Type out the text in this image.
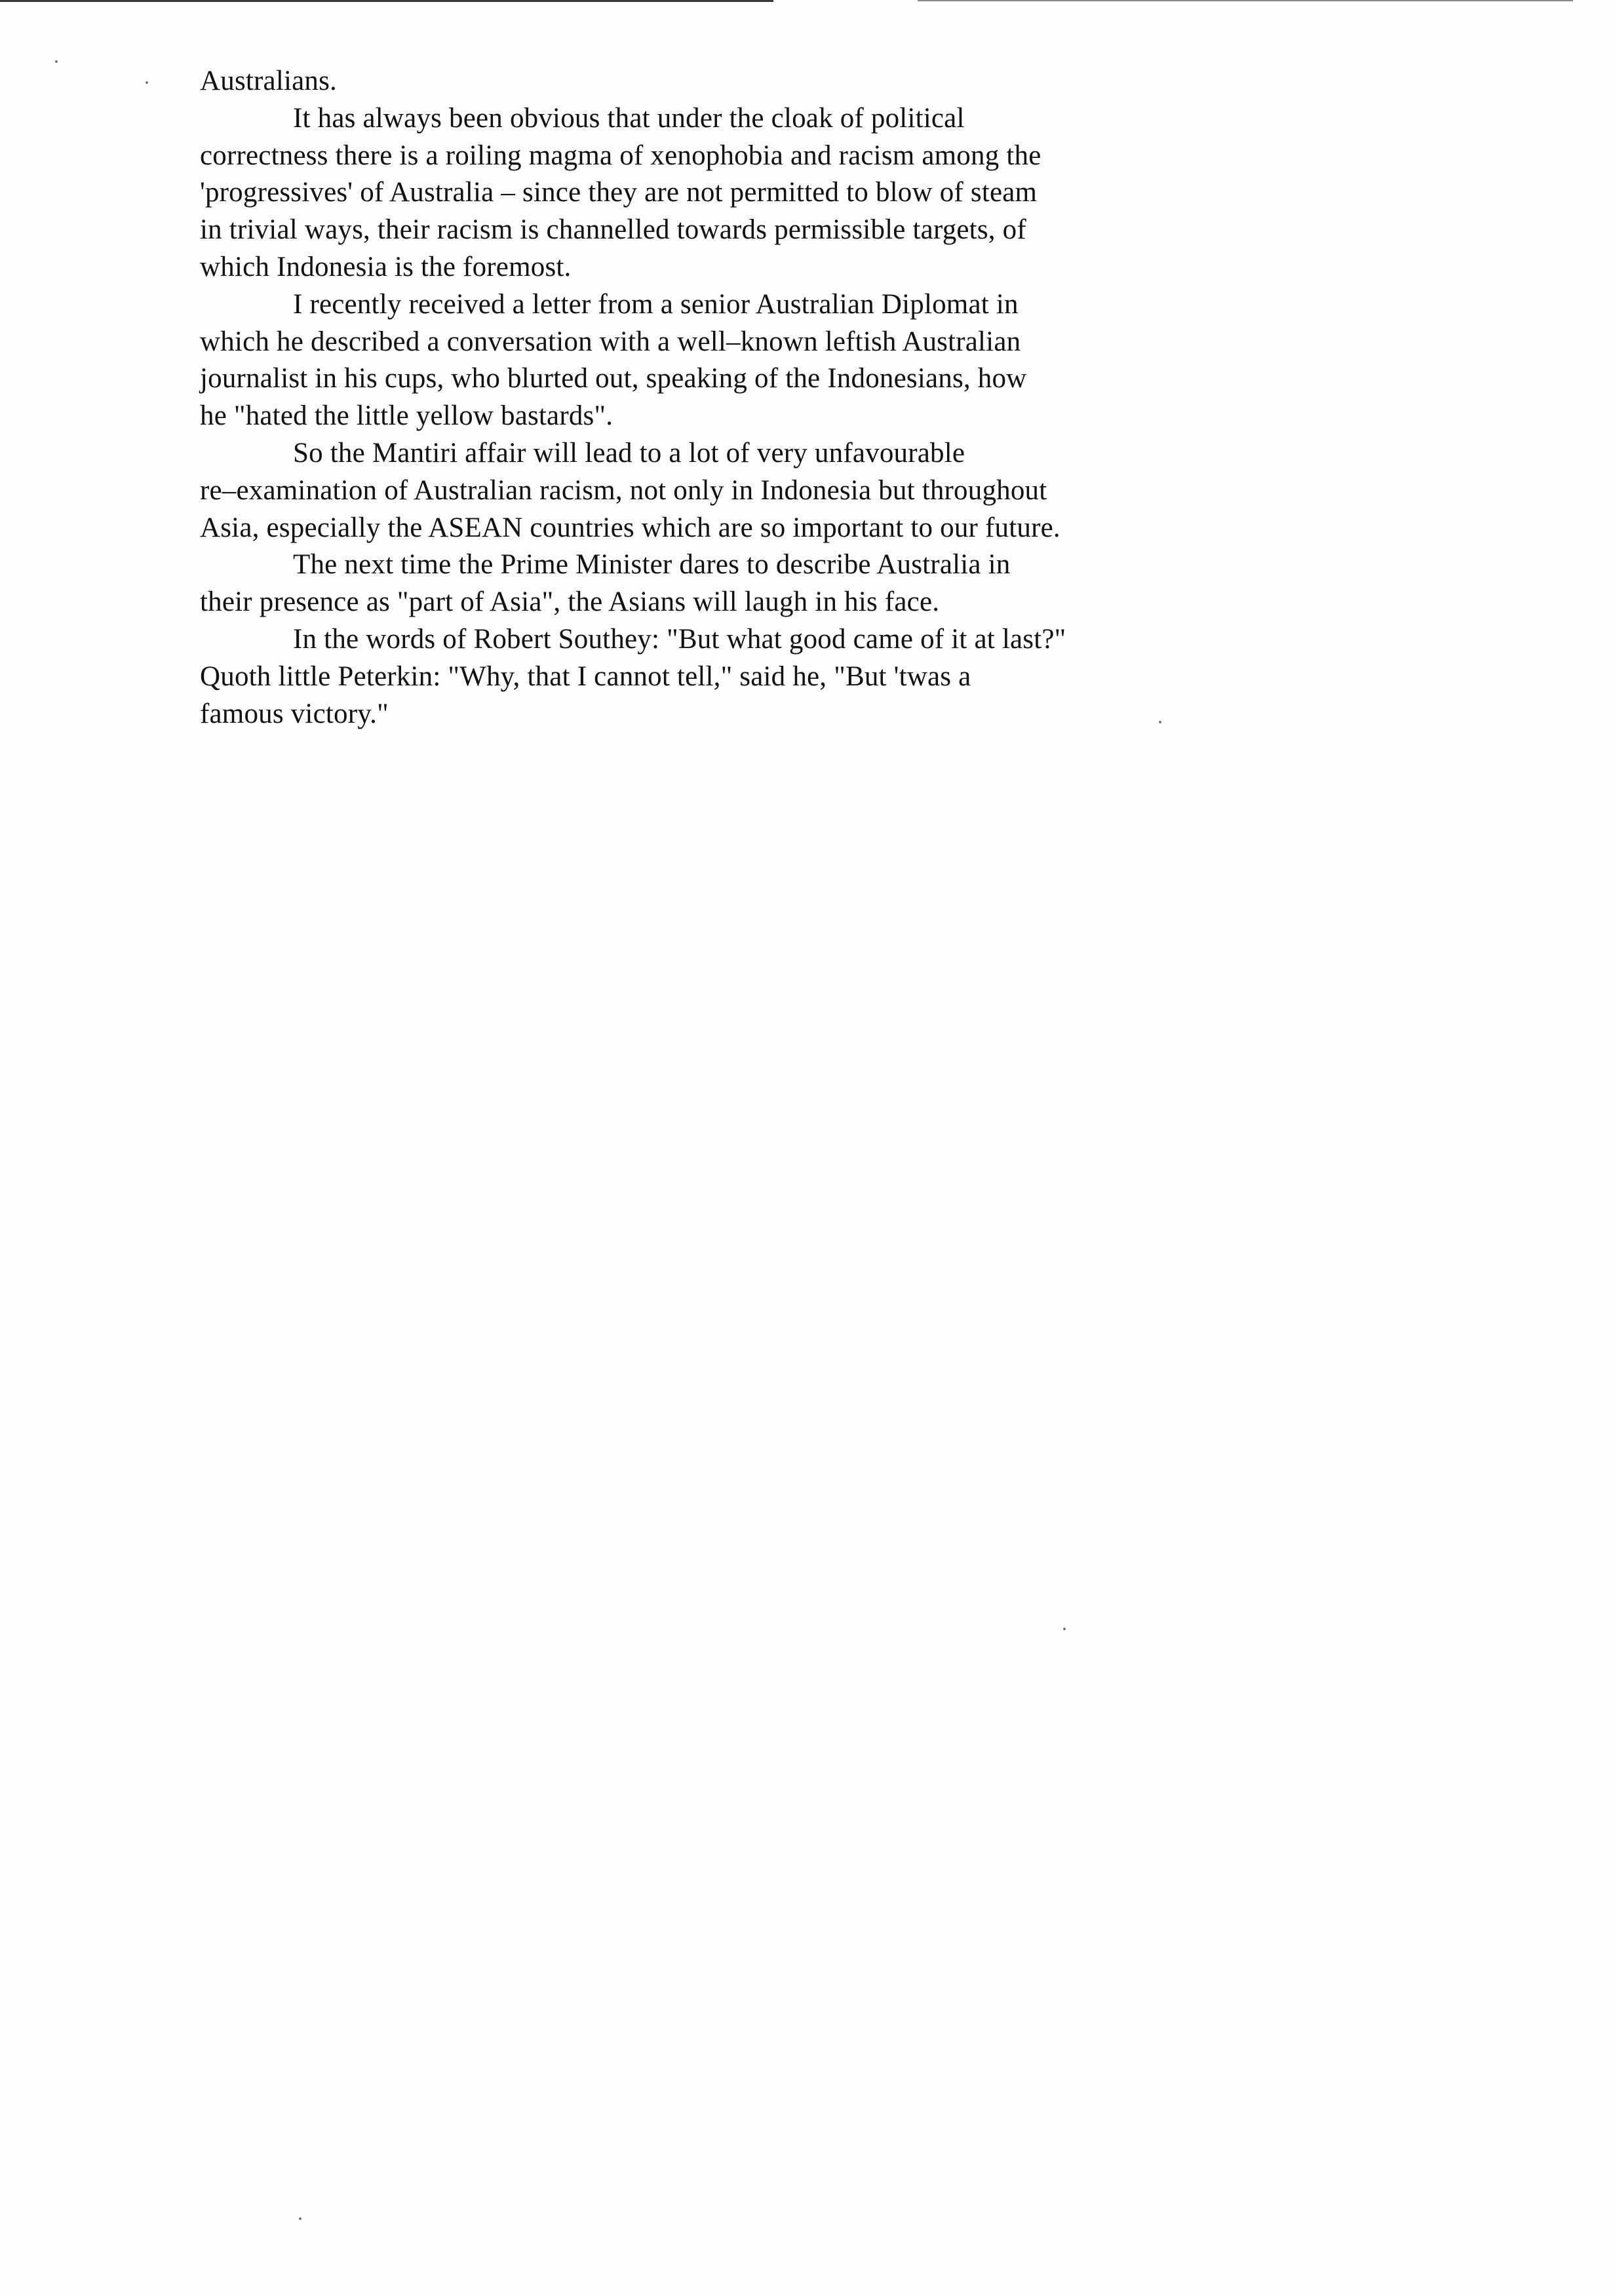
Australians.
It has always been obvious that under the cloak of political
correctness there is a roiling magma of xenophobia and racism among the
'progressives' of Australia – since they are not permitted to blow of steam
in trivial ways, their racism is channelled towards permissible targets, of
which Indonesia is the foremost.
I recently received a letter from a senior Australian Diplomat in
which he described a conversation with a well–known leftish Australian
journalist in his cups, who blurted out, speaking of the Indonesians, how
he "hated the little yellow bastards".
So the Mantiri affair will lead to a lot of very unfavourable
re–examination of Australian racism, not only in Indonesia but throughout
Asia, especially the ASEAN countries which are so important to our future.
The next time the Prime Minister dares to describe Australia in
their presence as "part of Asia", the Asians will laugh in his face.
In the words of Robert Southey: "But what good came of it at last?"
Quoth little Peterkin: "Why, that I cannot tell," said he, "But 'twas a
famous victory."
